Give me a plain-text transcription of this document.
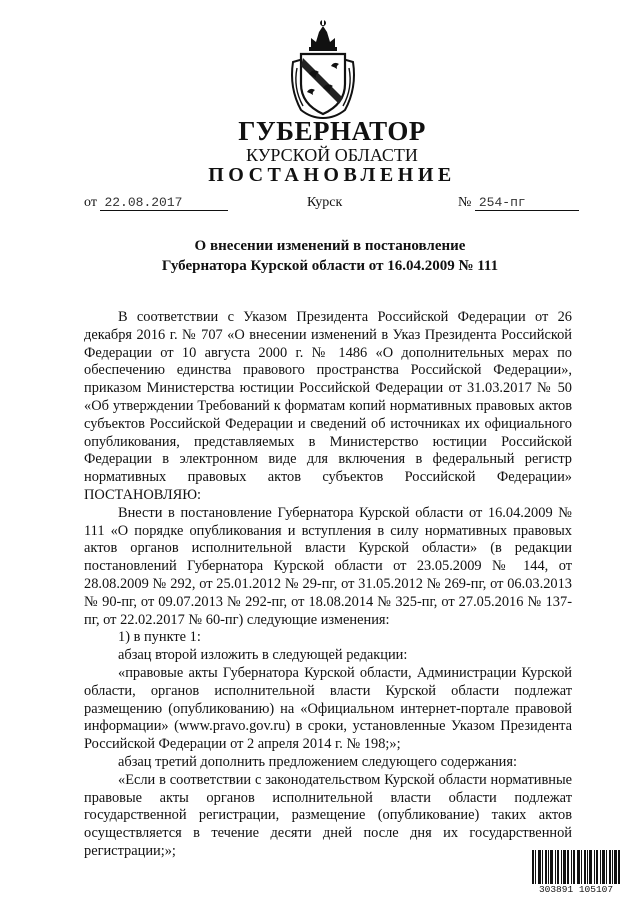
ГУБЕРНАТОР
КУРСКОЙ ОБЛАСТИ
ПОСТАНОВЛЕНИЕ
от 22.08.2017	Курск	№ 254-пг
О внесении изменений в постановление
Губернатора Курской области от 16.04.2009 № 111

В соответствии с Указом Президента Российской Федерации от 26 декабря 2016 г. № 707 «О внесении изменений в Указ Президента Российской Федерации от 10 августа 2000 г. № 1486 «О дополнительных мерах по обеспечению единства правового пространства Российской Федерации», приказом Министерства юстиции Российской Федерации от 31.03.2017 № 50 «Об утверждении Требований к форматам копий нормативных правовых актов субъектов Российской Федерации и сведений об источниках их официального опубликования, представляемых в Министерство юстиции Российской Федерации в электронном виде для включения в федеральный регистр нормативных правовых актов субъектов Российской Федерации» ПОСТАНОВЛЯЮ:

Внести в постановление Губернатора Курской области от 16.04.2009 № 111 «О порядке опубликования и вступления в силу нормативных правовых актов органов исполнительной власти Курской области» (в редакции постановлений Губернатора Курской области от 23.05.2009 № 144, от 28.08.2009 № 292, от 25.01.2012 № 29-пг, от 31.05.2012 № 269-пг, от 06.03.2013 № 90-пг, от 09.07.2013 № 292-пг, от 18.08.2014 № 325-пг, от 27.05.2016 № 137-пг, от 22.02.2017 № 60-пг) следующие изменения:

1) в пункте 1:

абзац второй изложить в следующей редакции:

«правовые акты Губернатора Курской области, Администрации Курской области, органов исполнительной власти Курской области подлежат размещению (опубликованию) на «Официальном интернет-портале правовой информации» (www.pravo.gov.ru) в сроки, установленные Указом Президента Российской Федерации от 2 апреля 2014 г. № 198;»;

абзац третий дополнить предложением следующего содержания:

«Если в соответствии с законодательством Курской области нормативные правовые акты органов исполнительной власти области подлежат государственной регистрации, размещение (опубликование) таких актов осуществляется в течение десяти дней после дня их государственной регистрации;»;

303891 105107
